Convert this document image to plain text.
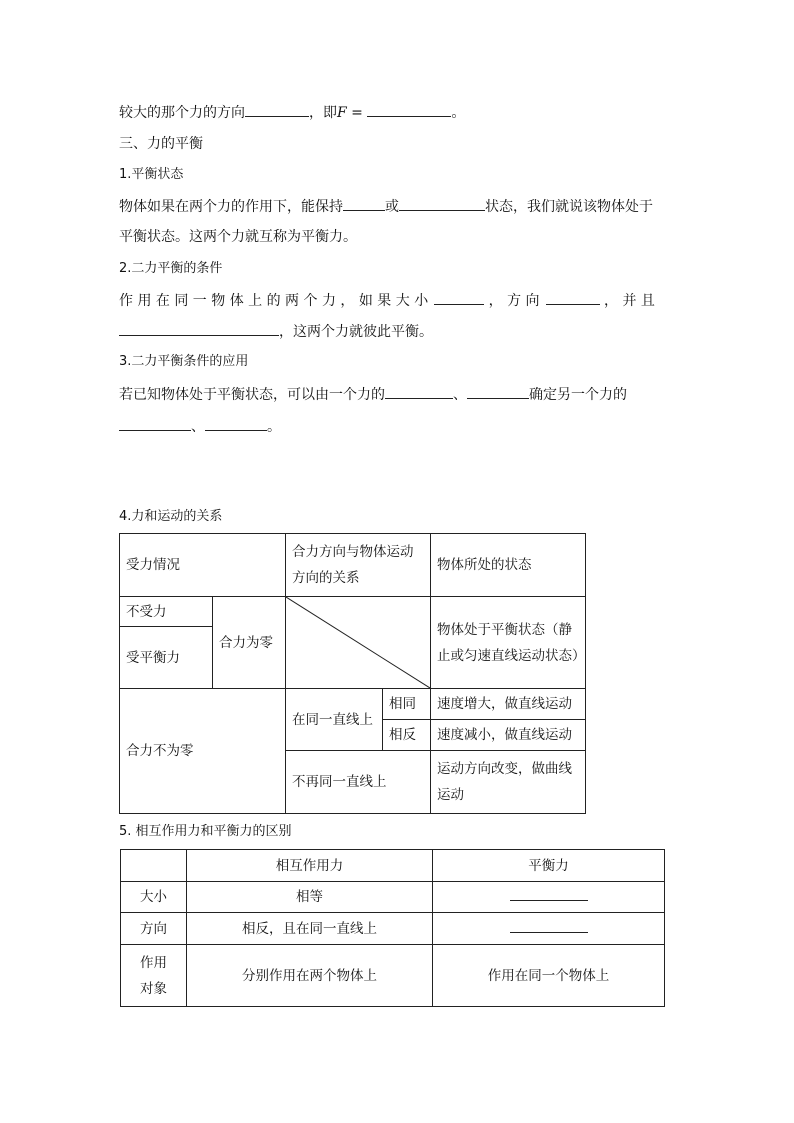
较大的那个力的方向	，即F =	。
三、力的平衡
1.平衡状态
物体如果在两个力的作用下，能保持	或	状态，我们就说该物体处于
平衡状态。这两个力就互称为平衡力。
2.二力平衡的条件
作 用 在 同 一 物 体 上 的 两 个 力 ， 如 果 大 小	， 方 向	， 并 且
，这两个力就彼此平衡。
3.二力平衡条件的应用
若已知物体处于平衡状态，可以由一个力的	、	确定另一个力的
、	。
4.力和运动的关系
受力情况		合力方向与物体运动方向的关系		物体所处的状态
不受力	合力为零			物体处于平衡状态（静止或匀速直线运动状态）
受平衡力				
合力不为零		在同一直线上	相同	速度增大，做直线运动
			相反	速度减小，做直线运动
		不再同一直线上		运动方向改变，做曲线运动
5. 相互作用力和平衡力的区别
	相互作用力	平衡力
大小	相等	
方向	相反，且在同一直线上	

作用
对象	分别作用在两个物体上	作用在同一个物体上
